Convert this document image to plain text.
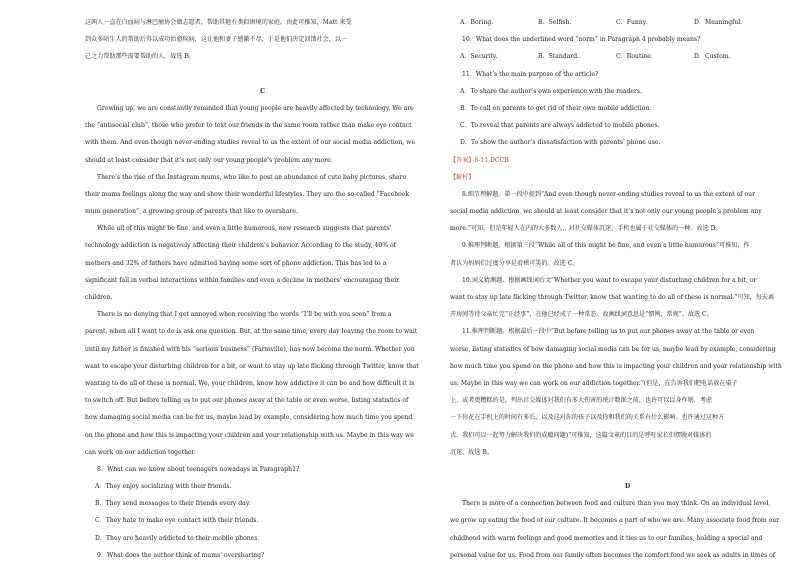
这两人一直在白血病与淋巴瘤协会做志愿者，帮助其他有类似困境的家庭。由此可推知，Matt 来受
到众多陌生人的帮助后得以成功治愈疾病，这让他和妻子感激不尽，于是他们决定回馈社会，以一
己之力帮助那些需要帮助的人。故选 B。
C
Growing up, we are constantly reminded that young people are heavily affected by technology. We are
the “antisocial club”, those who prefer to text our friends in the same room rather than make eye contact
with them. And even though never-ending studies reveal to us the extent of our social media addiction, we
should at least consider that it’s not only our young people’s problem any more.
There’s the rise of the Instagram mums, who like to post an abundance of cute baby pictures, share
their mums feelings along the way and show their wonderful lifestyles. They are the so-called “Facebook
mum generation”, a growing group of parents that like to overshare.
While all of this might be fine, and even a little humorous, new research suggests that parents’
technology addiction is negatively affecting their children’s behavior. According to the study, 40% of
mothers and 32% of fathers have admitted having some sort of phone addiction. This has led to a
significant fall in verbal interactions within families and even a decline in mothers’ encouraging their
children.
There is no denying that I get annoyed when receiving the words “I’ll be with you soon” from a
parent, when all I want to do is ask one question. But, at the same time, every day leaving the room to wait
until my father is finished with his “serious business” (Farmville), has now become the norm. Whether you
want to escape your disturbing children for a bit, or want to stay up late flicking through Twitter, know that
wanting to do all of these is normal. We, your children, know how addictive it can be and how difficult it is
to switch off. But before telling us to put our phones away at the table or even worse, listing statistics of
how damaging social media can be for us, maybe lead by example, considering how much time you spend
on the phone and how this is impacting your children and your relationship with us. Maybe in this way we
can work on our addiction together.
8．What can we know about teenagers nowadays in Paragraph1?
A．They enjoy socializing with their friends.
B．They send messages to their friends every day.
C．They hate to make eye contact with their friends.
D．They are heavily addicted to their mobile phones.
9．What does the author think of mums’ oversharing?
A．Boring.	B．Selfish.	C．Funny.	D．Meaningful.
10．What does the underlined word “norm” in Paragraph 4 probably means?
A．Security.	B．Standard.	C．Routine.	D．Custom.
11．What’s the main purpose of the article?
A．To share the author’s own experience with the readers.
B．To call on parents to get rid of their own mobile addiction.
C．To reveal that parents are always addicted to mobile phones.
D．To show the author’s dissatisfaction with parents’ phone use.
【答案】8-11 DCCB
【解析】
8.细节理解题。第一段中提到“And even though never-ending studies reveal to us the extent of our
social media addiction, we should at least consider that it’s not only our young people’s problem any
more.”可知，但是年轻人在内的大多数人，对社交媒体沉迷，手机也属于社交媒体的一种。故选 D。
9.推理判断题。根据第三段“While all of this might be fine, and even a little humorous”可推知，作
者认为妈妈们过度分享是滑稽可笑的。故选 C。
10.词义猜测题。根据画线词后文“Whether you want to escape your disturbing children for a bit, or
want to stay up late flicking through Twitter, know that wanting to do all of these is normal.”可知，每天离
开房间等待父亲忙完“正经事”，在他已经成了一种常态。故画线词意思是“惯例，常规”。故选 C。
11.推理判断题。根据最后一段中“But before telling us to put our phones away at the table or even
worse, listing statistics of how damaging social media can be for us, maybe lead by example, considering
how much time you spend on the phone and how this is impacting your children and your relationship with
us. Maybe in this way we can work on our addiction together.”(但是，在告诉我们把电话放在桌子
上，或者更糟糕的是，列出社交媒体对我们有多大伤害的统计数据之前，也许可以以身作则，考虑
一下你花在手机上的时间有多长，以及这对你的孩子以及你和我们的关系有什么影响。也许通过这种方
式，我们可以一起努力解决我们的成瘾问题)”可推知，这篇文章的目的是呼吁家长们摆脱对媒体的
沉迷。故选 B。
D
There is more of a connection between food and culture than you may think. On an individual level,
we grow up eating the food of our culture. It becomes a part of who we are. Many associate food from our
childhood with warm feelings and good memories and it ties us to our families, holding a special and
personal value for us. Food from our family often becomes the comfort food we seek as adults in times of
